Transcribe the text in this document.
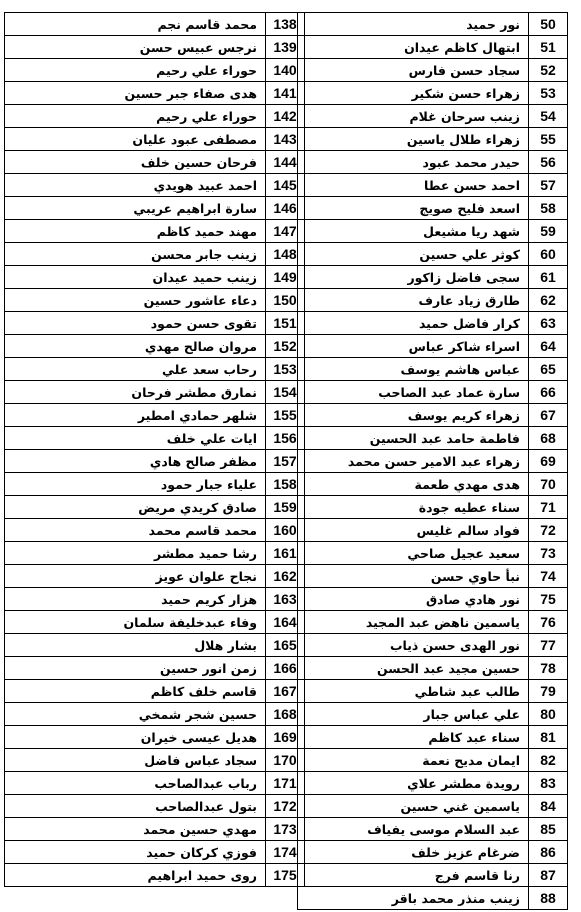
محمد قاسم نجم	138
نرجس عبيس حسن	139
حوراء علي رحيم	140
هدى صفاء جبر حسين	141
حوراء علي رحيم	142
مصطفى عبود عليان	143
فرحان حسين خلف	144
احمد عبيد هويدي	145
سارة ابراهيم عريبي	146
مهند حميد كاظم	147
زينب جابر محسن	148
زينب حميد عيدان	149
دعاء عاشور حسين	150
تقوى حسن حمود	151
مروان صالح مهدي	152
رحاب سعد علي	153
نمارق مطشر فرحان	154
شلهر حمادي امطير	155
ايات علي خلف	156
مظفر صالح هادي	157
علياء جبار حمود	158
صادق كريدي مريض	159
محمد قاسم محمد	160
رشا حميد مطشر	161
نجاح علوان عويز	162
هزار كريم حميد	163
وفاء عبدخليفة سلمان	164
بشار هلال	165
زمن انور حسين	166
قاسم خلف كاظم	167
حسين شجر شمخي	168
هديل عيسى خيران	169
سجاد عباس فاضل	170
رباب عبدالصاحب	171
بتول عبدالصاحب	172
مهدي حسين محمد	173
فوزي كركان حميد	174
روى حميد ابراهيم	175
نور حميد	50
ابتهال كاظم عيدان	51
سجاد حسن فارس	52
زهراء حسن شكير	53
زينب سرحان غلام	54
زهراء طلال ياسين	55
حيدر محمد عبود	56
احمد حسن عطا	57
اسعد فليح صويج	58
شهد ريا مشيعل	59
كوثر علي حسين	60
سجى فاضل زاكور	61
طارق زياد عارف	62
كرار فاضل حميد	63
اسراء شاكر عباس	64
عباس هاشم يوسف	65
سارة عماد عبد الصاحب	66
زهراء كريم يوسف	67
فاطمة حامد عبد الحسين	68
زهراء عبد الامير حسن محمد	69
هدى مهدي طعمة	70
سناء عطيه جودة	71
فواد سالم غليس	72
سعيد عجيل صاحي	73
نبأ حاوي حسن	74
نور هادي صادق	75
ياسمين ناهض عبد المجيد	76
نور الهدى حسن ذياب	77
حسين مجيد عبد الحسن	78
طالب عبد شاطي	79
علي عباس جبار	80
سناء عبد كاظم	81
ايمان مديح نعمة	82
رويدة مطشر علاي	83
ياسمين غني حسين	84
عبد السلام موسى يفياف	85
ضرغام عزيز خلف	86
رنا قاسم فرج	87
زينب منذر محمد باقر	88
